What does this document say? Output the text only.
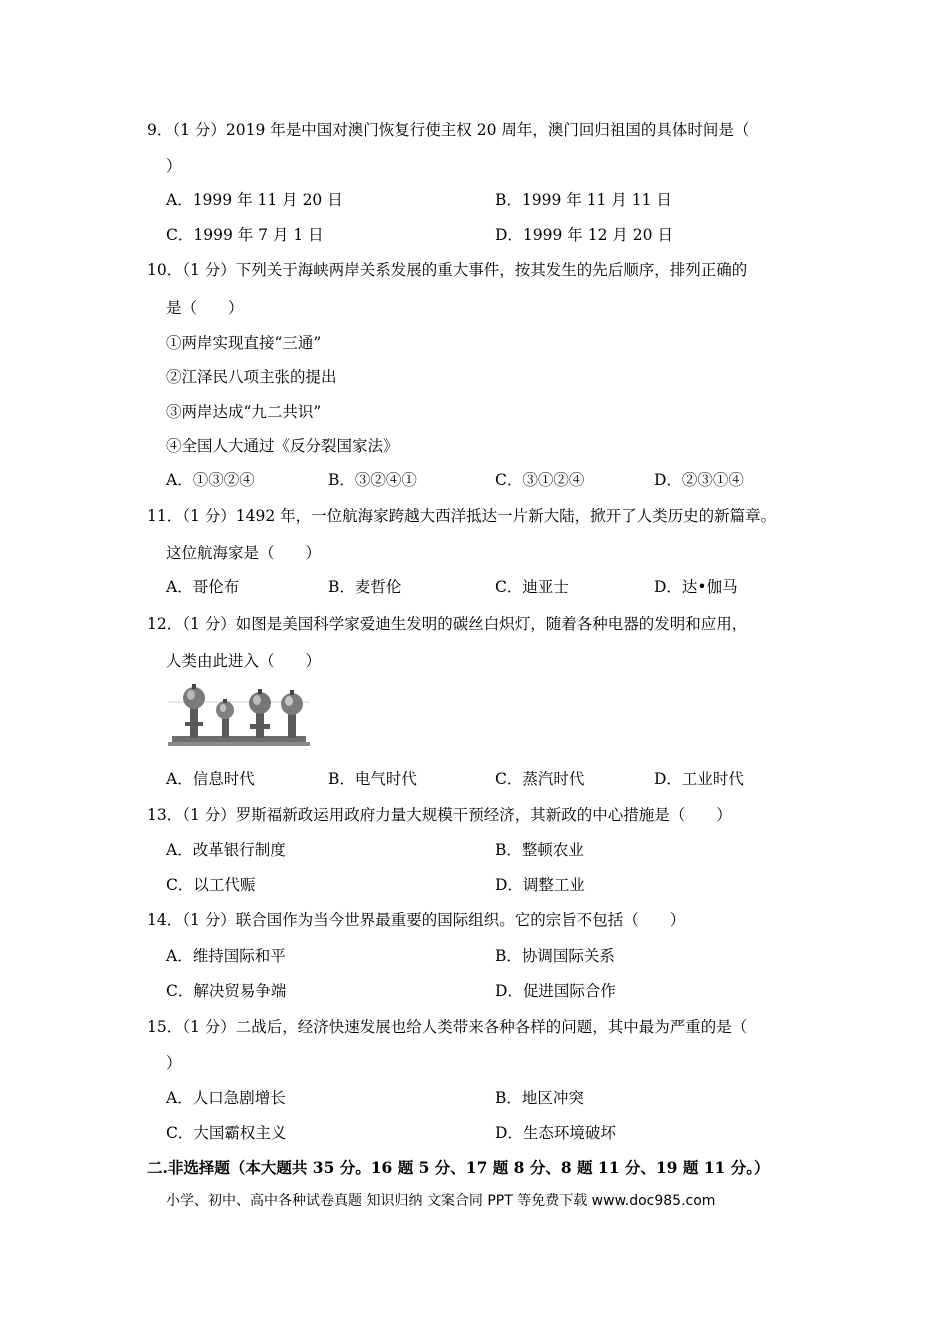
9．（1 分）2019 年是中国对澳门恢复行使主权 20 周年，澳门回归祖国的具体时间是（
）
A．1999 年 11 月 20 日	B．1999 年 11 月 11 日
C．1999 年 7 月 1 日	D．1999 年 12 月 20 日
10．（1 分）下列关于海峡两岸关系发展的重大事件，按其发生的先后顺序，排列正确的
是（　　）
①两岸实现直接“三通”
②江泽民八项主张的提出
③两岸达成“九二共识”
④全国人大通过《反分裂国家法》
A．①③②④	B．③②④①	C．③①②④	D．②③①④
11．（1 分）1492 年，一位航海家跨越大西洋抵达一片新大陆，掀开了人类历史的新篇章。
这位航海家是（　　）
A．哥伦布	B．麦哲伦	C．迪亚士	D．达•伽马
12．（1 分）如图是美国科学家爱迪生发明的碳丝白炽灯，随着各种电器的发明和应用，
人类由此进入（　　）
A．信息时代	B．电气时代	C．蒸汽时代	D．工业时代
13．（1 分）罗斯福新政运用政府力量大规模干预经济，其新政的中心措施是（　　）
A．改革银行制度	B．整顿农业
C．以工代赈	D．调整工业
14．（1 分）联合国作为当今世界最重要的国际组织。它的宗旨不包括（　　）
A．维持国际和平	B．协调国际关系
C．解决贸易争端	D．促进国际合作
15．（1 分）二战后，经济快速发展也给人类带来各种各样的问题，其中最为严重的是（
）
A．人口急剧增长	B．地区冲突
C．大国霸权主义	D．生态环境破坏
二.非选择题（本大题共 35 分。16 题 5 分、17 题 8 分、8 题 11 分、19 题 11 分。）
小学、初中、高中各种试卷真题 知识归纳 文案合同 PPT 等免费下载 www.doc985.com
